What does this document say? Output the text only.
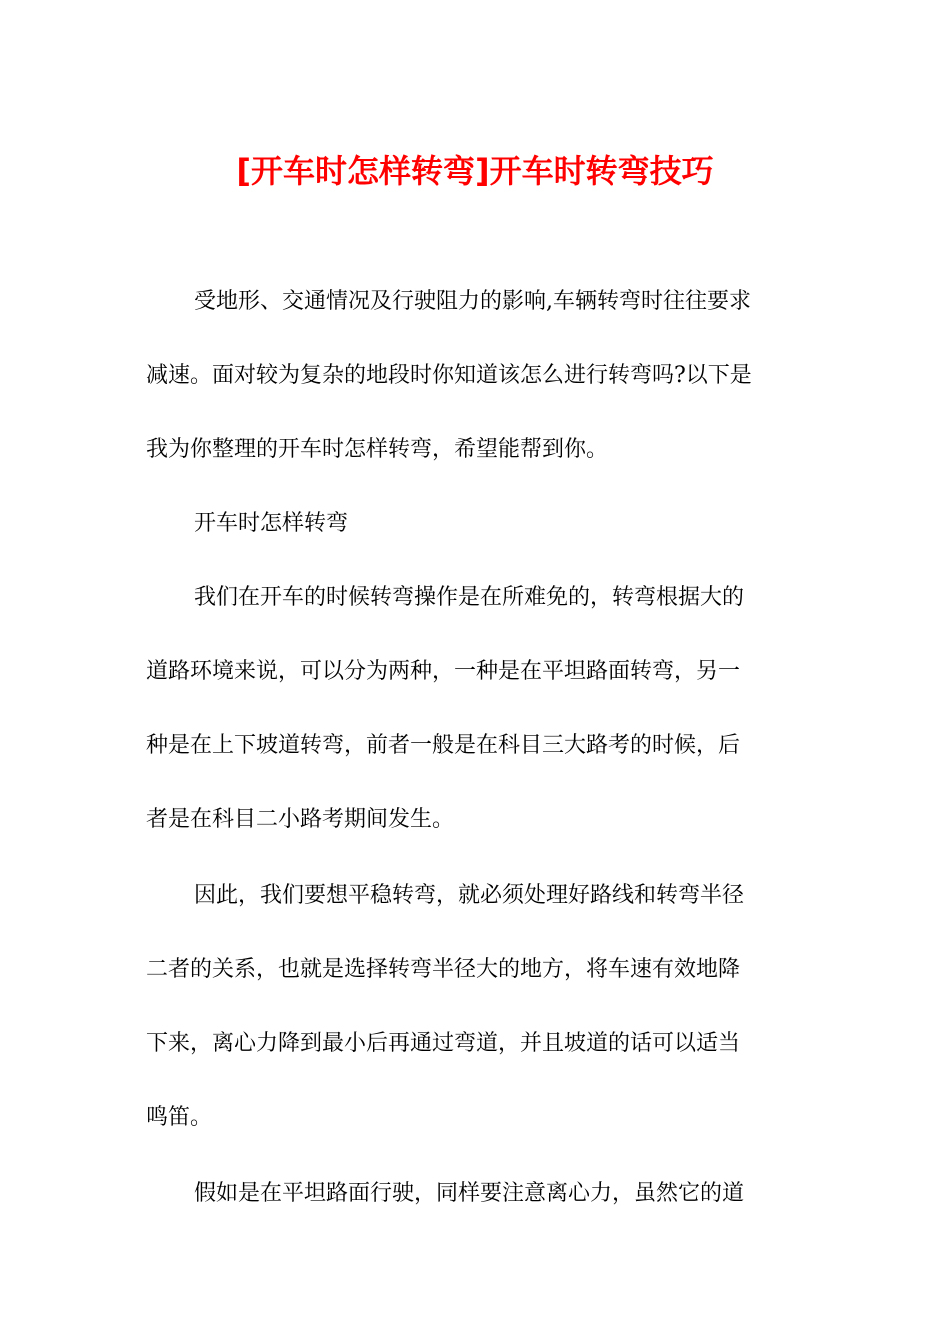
[开车时怎样转弯]开车时转弯技巧
受地形、交通情况及行驶阻力的影响,车辆转弯时往往要求
减速。面对较为复杂的地段时你知道该怎么进行转弯吗?以下是
我为你整理的开车时怎样转弯，希望能帮到你。
开车时怎样转弯
我们在开车的时候转弯操作是在所难免的，转弯根据大的
道路环境来说，可以分为两种，一种是在平坦路面转弯，另一
种是在上下坡道转弯，前者一般是在科目三大路考的时候，后
者是在科目二小路考期间发生。
因此，我们要想平稳转弯，就必须处理好路线和转弯半径
二者的关系，也就是选择转弯半径大的地方，将车速有效地降
下来，离心力降到最小后再通过弯道，并且坡道的话可以适当
鸣笛。
假如是在平坦路面行驶，同样要注意离心力，虽然它的道
